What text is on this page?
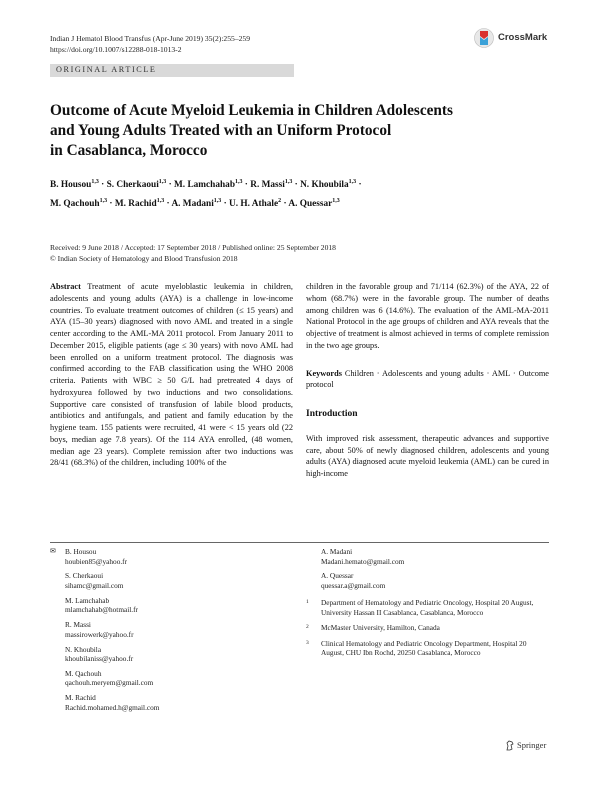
Indian J Hematol Blood Transfus (Apr-June 2019) 35(2):255–259
https://doi.org/10.1007/s12288-018-1013-2
CrossMark
ORIGINAL ARTICLE
Outcome of Acute Myeloid Leukemia in Children Adolescents
and Young Adults Treated with an Uniform Protocol
in Casablanca, Morocco
B. Housou$^{1,3}$ · S. Cherkaoui$^{1,3}$ · M. Lamchahab$^{1,3}$ · R. Massi$^{1,3}$ · N. Khoubila$^{1,3}$ ·
M. Qachouh$^{1,3}$ · M. Rachid$^{1,3}$ · A. Madani$^{1,3}$ · U. H. Athale$^2$ · A. Quessar$^{1,3}$
Received: 9 June 2018 / Accepted: 17 September 2018 / Published online: 25 September 2018
© Indian Society of Hematology and Blood Transfusion 2018

Abstract Treatment of acute myeloblastic leukemia in children, adolescents and young adults (AYA) is a challenge in low-income countries. To evaluate treatment outcomes of children (≤ 15 years) and AYA (15–30 years) diagnosed with novo AML and treated in a single center according to the AML-MA 2011 protocol. From January 2011 to December 2015, eligible patients (age ≤ 30 years) with novo AML had been enrolled on a uniform treatment protocol. The diagnosis was confirmed according to the FAB classification using the WHO 2008 criteria. Patients with WBC ≥ 50 G/L had pretreated 4 days of hydroxyurea followed by two inductions and two consolidations. Supportive care consisted of transfusion of labile blood products, antibiotics and antifungals, and patient and family education by the hygiene team. 155 patients were recruited, 41 were < 15 years old (22 boys, median age 7.8 years). Of the 114 AYA enrolled, (48 women, median age 23 years). Complete remission after two inductions was 28/41 (68.3%) of the children, including 100% of the

children in the favorable group and 71/114 (62.3%) of the AYA, 22 of whom (68.7%) were in the favorable group. The number of deaths among children was 6 (14.6%). The evaluation of the AML-MA-2011 National Protocol in the age groups of children and AYA reveals that the objective of treatment is almost achieved in terms of complete remission in the two age groups.

Keywords Children · Adolescents and young adults · AML · Outcome protocol

Introduction

With improved risk assessment, therapeutic advances and supportive care, about 50% of newly diagnosed children, adolescents and young adults (AYA) diagnosed acute myeloid leukemia (AML) can be cured in high-income

✉	B. Housou
houbien85@yahoo.fr
S. Cherkaoui
sihamc@gmail.com
M. Lamchahab
mlamchahab@hotmail.fr
R. Massi
massirowerk@yahoo.fr
N. Khoubila
khoubilaniss@yahoo.fr
M. Qachouh
qachouh.meryem@gmail.com
M. Rachid
Rachid.mohamed.h@gmail.com
A. Madani
Madani.hemato@gmail.com
A. Quessar
quessar.a@gmail.com
1	Department of Hematology and Pediatric Oncology, Hospital 20 August, University Hassan II Casablanca, Casablanca, Morocco
2	McMaster University, Hamilton, Canada
3	Clinical Hematology and Pediatric Oncology Department, Hospital 20 August, CHU Ibn Rochd, 20250 Casablanca, Morocco
Springer
